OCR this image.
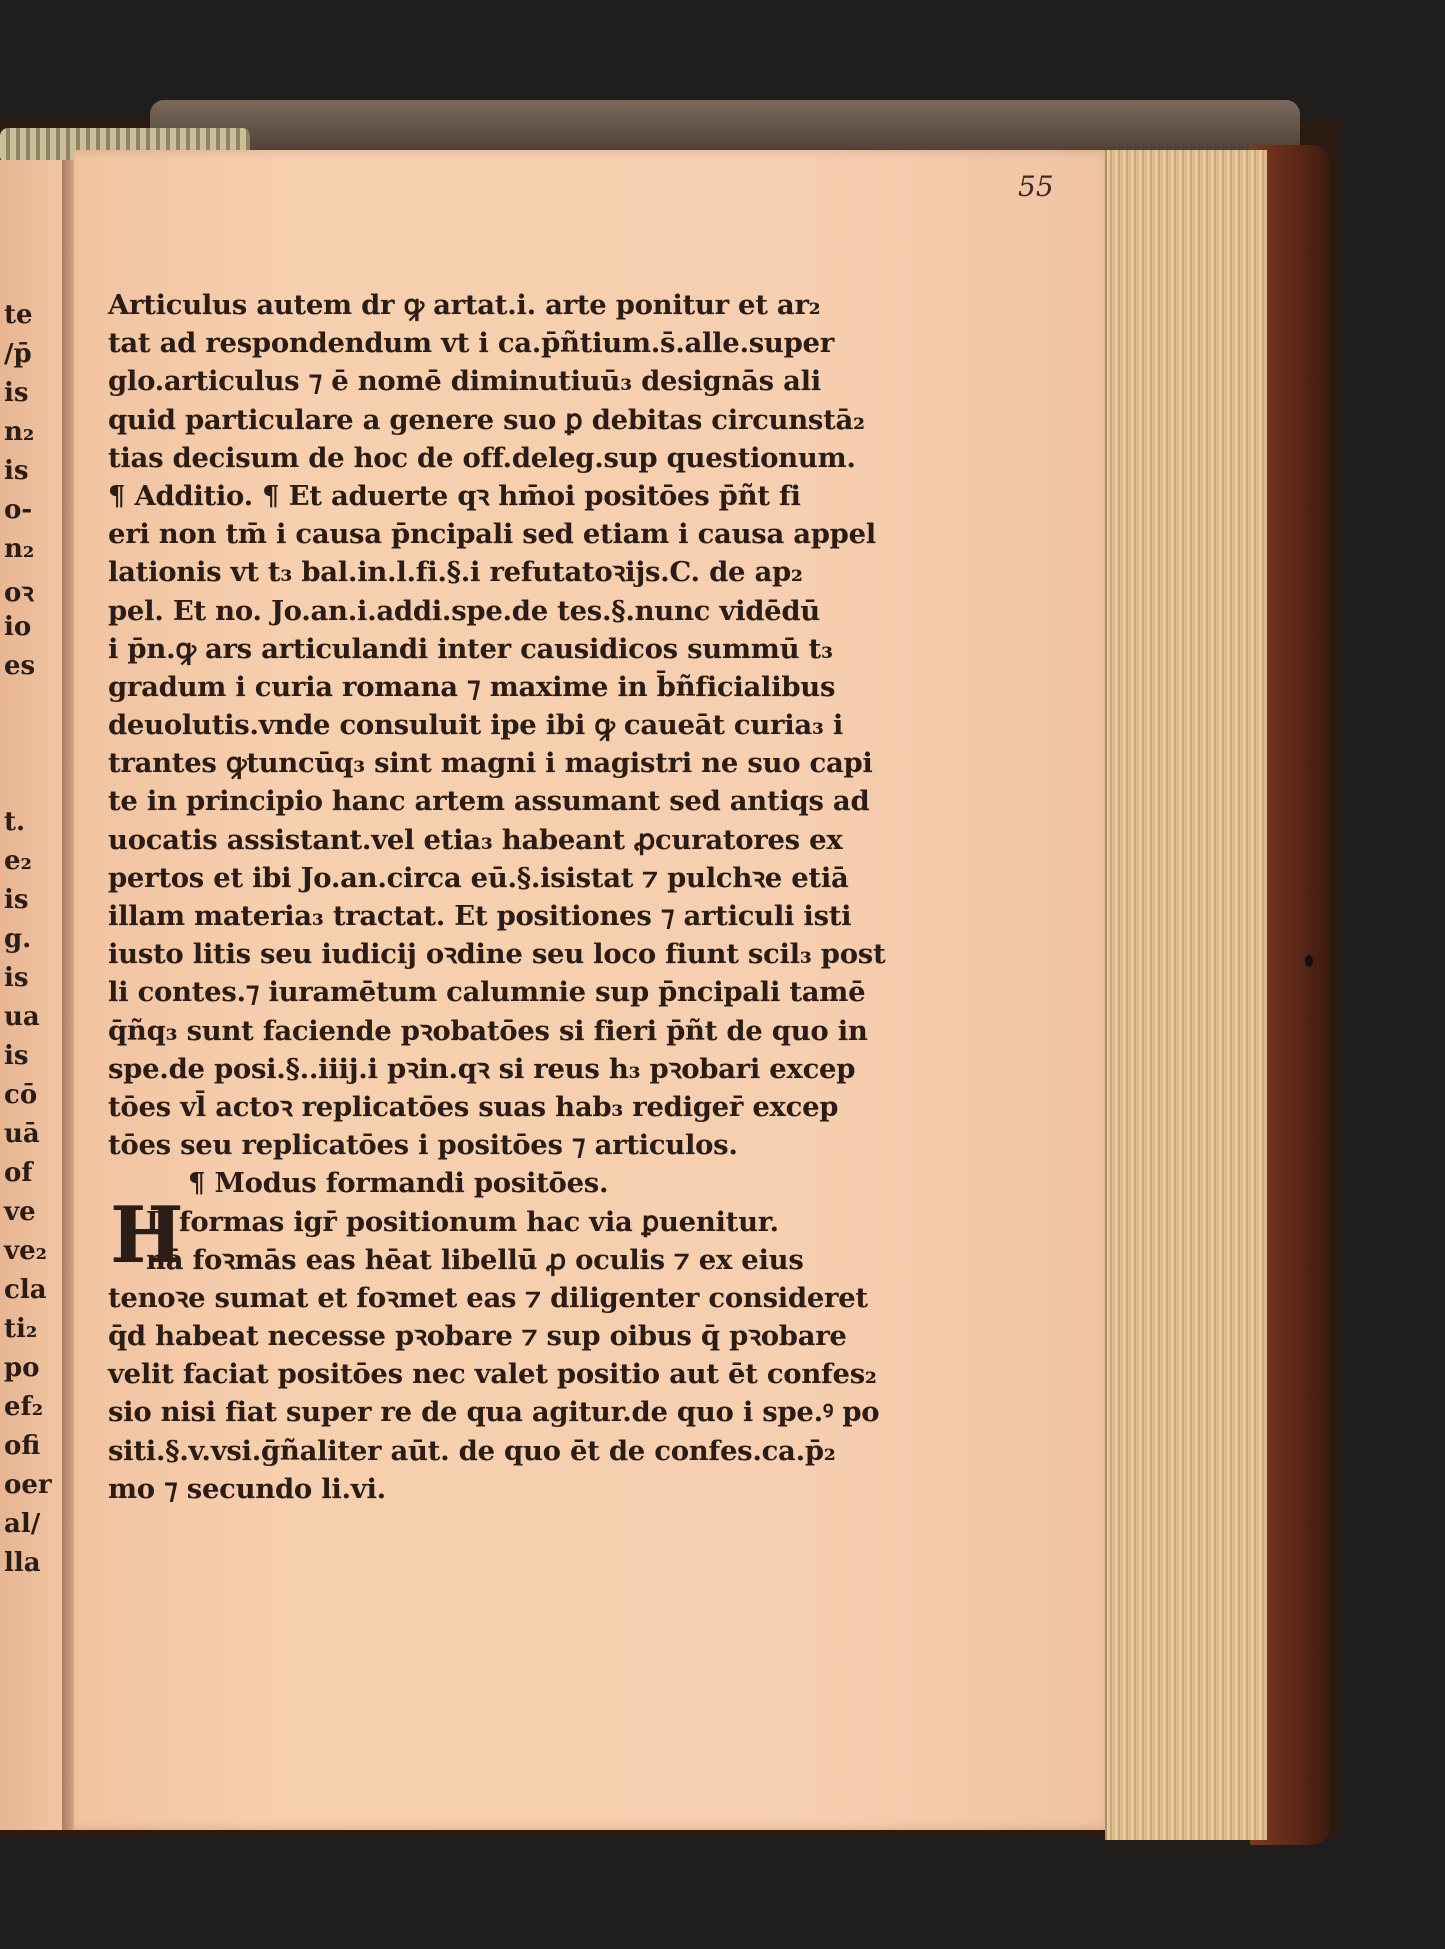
te
/p̄
is
n₂
is
o-
n₂
oꝛ
io
es
t.
e₂
is
g.
is
ua
is
cō
uā
of
ve
ve₂
cla
ti₂
po
ef₂
ofi
oer
al/
lla
55
H
Articulus autem dr ꝙ artat.i. arte ponitur et ar₂
tat ad respondendum vt i ca.p̄ñtium.s̄.alle.super
glo.articulus ⁊ ē nomē diminutiuū₃ designās ali
quid particulare a genere suo ꝑ debitas circunstā₂
tias decisum de hoc de off.deleg.sup questionum.
¶ Additio. ¶ Et aduerte qꝛ hm̄oi positōes p̄ñt fi
eri non tm̄ i causa p̄ncipali sed etiam i causa appel
lationis vt t₃ bal.in.l.fi.§.i refutatoꝛijs.C. de ap₂
pel. Et no. Jo.an.i.addi.spe.de tes.§.nunc vidēdū
i p̄n.ꝙ ars articulandi inter causidicos summū t₃
gradum i curia romana ⁊ maxime in b̄ñficialibus
deuolutis.vnde consuluit ipe ibi ꝙ caueāt curia₃ i
trantes ꝙtuncūq₃ sint magni i magistri ne suo capi
te in principio hanc artem assumant sed antiqs ad
uocatis assistant.vel etia₃ habeant ꝓcuratores ex
pertos et ibi Jo.an.circa eū.§.isistat ⁊ pulchꝛe etiā
illam materia₃ tractat. Et positiones ⁊ articuli isti
iusto litis seu iudicij oꝛdine seu loco fiunt scil₃ post
li contes.⁊ iuramētum calumnie sup p̄ncipali tamē
q̄ñq₃ sunt faciende pꝛobatōes si fieri p̄ñt de quo in
spe.de posi.§..iiij.i pꝛin.qꝛ si reus h₃ pꝛobari excep
tōes vl̄ actoꝛ replicatōes suas hab₃ rediger̄ excep
tōes seu replicatōes i positōes ⁊ articulos.
¶ Modus formandi positōes.
D formas igr̄ positionum hac via ꝑuenitur.
nā foꝛmās eas hēat libellū ꝓ oculis ⁊ ex eius
tenoꝛe sumat et foꝛmet eas ⁊ diligenter consideret
q̄d habeat necesse pꝛobare ⁊ sup oibus q̄ pꝛobare
velit faciat positōes nec valet positio aut ēt confes₂
sio nisi fiat super re de qua agitur.de quo i spe.ꝰ po
siti.§.v.vsi.ḡñaliter aūt. de quo ēt de confes.ca.p̄₂
mo ⁊ secundo li.vi.
